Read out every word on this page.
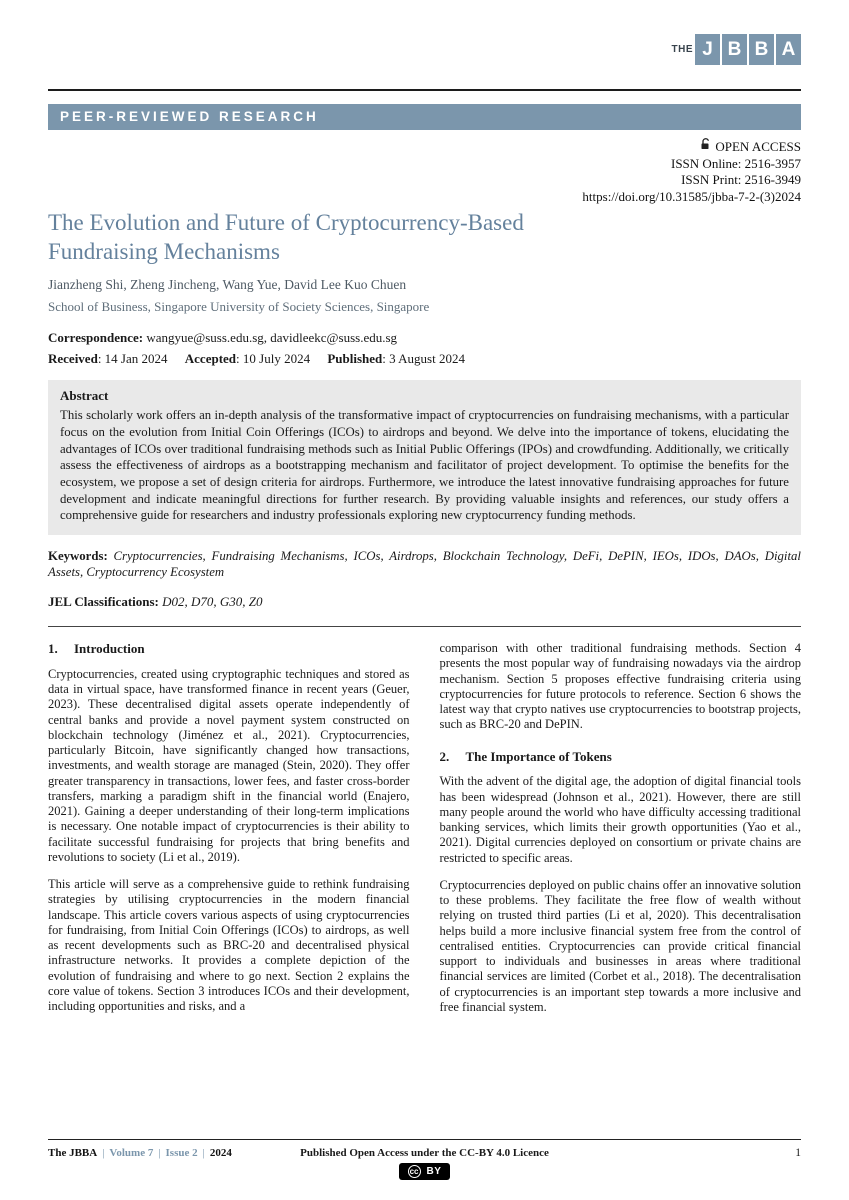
THE J B B A
PEER-REVIEWED RESEARCH
OPEN ACCESS
ISSN Online: 2516-3957
ISSN Print: 2516-3949
https://doi.org/10.31585/jbba-7-2-(3)2024
The Evolution and Future of Cryptocurrency-Based Fundraising Mechanisms
Jianzheng Shi, Zheng Jincheng, Wang Yue, David Lee Kuo Chuen
School of Business, Singapore University of Society Sciences, Singapore
Correspondence: wangyue@suss.edu.sg, davidleekc@suss.edu.sg
Received: 14 Jan 2024 Accepted: 10 July 2024 Published: 3 August 2024
Abstract
This scholarly work offers an in-depth analysis of the transformative impact of cryptocurrencies on fundraising mechanisms, with a particular focus on the evolution from Initial Coin Offerings (ICOs) to airdrops and beyond. We delve into the importance of tokens, elucidating the advantages of ICOs over traditional fundraising methods such as Initial Public Offerings (IPOs) and crowdfunding. Additionally, we critically assess the effectiveness of airdrops as a bootstrapping mechanism and facilitator of project development. To optimise the benefits for the ecosystem, we propose a set of design criteria for airdrops. Furthermore, we introduce the latest innovative fundraising approaches for future development and indicate meaningful directions for further research. By providing valuable insights and references, our study offers a comprehensive guide for researchers and industry professionals exploring new cryptocurrency funding methods.

Keywords: Cryptocurrencies, Fundraising Mechanisms, ICOs, Airdrops, Blockchain Technology, DeFi, DePIN, IEOs, IDOs, DAOs, Digital Assets, Cryptocurrency Ecosystem

JEL Classifications: D02, D70, G30, Z0

1. Introduction

Cryptocurrencies, created using cryptographic techniques and stored as data in virtual space, have transformed finance in recent years (Geuer, 2023). These decentralised digital assets operate independently of central banks and provide a novel payment system constructed on blockchain technology (Jiménez et al., 2021). Cryptocurrencies, particularly Bitcoin, have significantly changed how transactions, investments, and wealth storage are managed (Stein, 2020). They offer greater transparency in transactions, lower fees, and faster cross-border transfers, marking a paradigm shift in the financial world (Enajero, 2021). Gaining a deeper understanding of their long-term implications is necessary. One notable impact of cryptocurrencies is their ability to facilitate successful fundraising for projects that bring benefits and revolutions to society (Li et al., 2019).

This article will serve as a comprehensive guide to rethink fundraising strategies by utilising cryptocurrencies in the modern financial landscape. This article covers various aspects of using cryptocurrencies for fundraising, from Initial Coin Offerings (ICOs) to airdrops, as well as recent developments such as BRC-20 and decentralised physical infrastructure networks. It provides a complete depiction of the evolution of fundraising and where to go next. Section 2 explains the core value of tokens. Section 3 introduces ICOs and their development, including opportunities and risks, and a

comparison with other traditional fundraising methods. Section 4 presents the most popular way of fundraising nowadays via the airdrop mechanism. Section 5 proposes effective fundraising criteria using cryptocurrencies for future protocols to reference. Section 6 shows the latest way that crypto natives use cryptocurrencies to bootstrap projects, such as BRC-20 and DePIN.

2. The Importance of Tokens

With the advent of the digital age, the adoption of digital financial tools has been widespread (Johnson et al., 2021). However, there are still many people around the world who have difficulty accessing traditional banking services, which limits their growth opportunities (Yao et al., 2021). Digital currencies deployed on consortium or private chains are restricted to specific areas.

Cryptocurrencies deployed on public chains offer an innovative solution to these problems. They facilitate the free flow of wealth without relying on trusted third parties (Li et al, 2020). This decentralisation helps build a more inclusive financial system free from the control of centralised entities. Cryptocurrencies can provide critical financial support to individuals and businesses in areas where traditional financial services are limited (Corbet et al., 2018). The decentralisation of cryptocurrencies is an important step towards a more inclusive and free financial system.

The JBBA | Volume 7 | Issue 2 | 2024	Published Open Access under the CC-BY 4.0 Licence
cc BY
1
